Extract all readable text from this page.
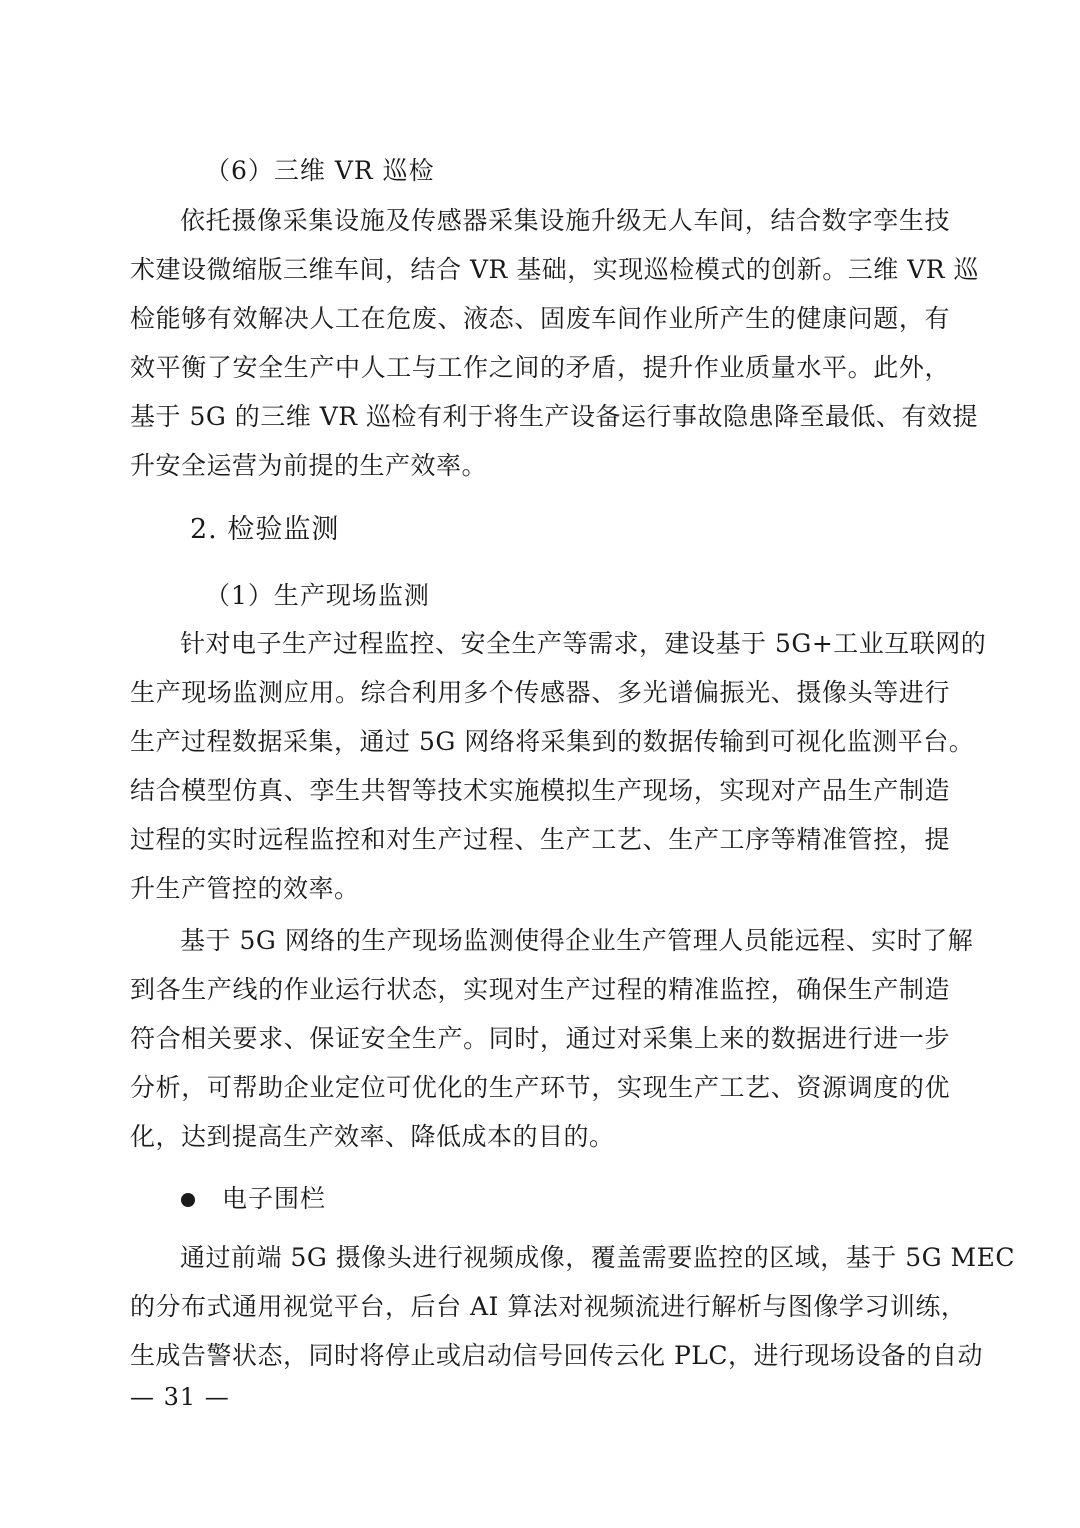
（6）三维 VR 巡检
依托摄像采集设施及传感器采集设施升级无人车间，结合数字孪生技
术建设微缩版三维车间，结合 VR 基础，实现巡检模式的创新。三维 VR 巡
检能够有效解决人工在危废、液态、固废车间作业所产生的健康问题，有
效平衡了安全生产中人工与工作之间的矛盾，提升作业质量水平。此外，
基于 5G 的三维 VR 巡检有利于将生产设备运行事故隐患降至最低、有效提
升安全运营为前提的生产效率。
2. 检验监测
（1）生产现场监测
针对电子生产过程监控、安全生产等需求，建设基于 5G+工业互联网的
生产现场监测应用。综合利用多个传感器、多光谱偏振光、摄像头等进行
生产过程数据采集，通过 5G 网络将采集到的数据传输到可视化监测平台。
结合模型仿真、孪生共智等技术实施模拟生产现场，实现对产品生产制造
过程的实时远程监控和对生产过程、生产工艺、生产工序等精准管控，提
升生产管控的效率。
基于 5G 网络的生产现场监测使得企业生产管理人员能远程、实时了解
到各生产线的作业运行状态，实现对生产过程的精准监控，确保生产制造
符合相关要求、保证安全生产。同时，通过对采集上来的数据进行进一步
分析，可帮助企业定位可优化的生产环节，实现生产工艺、资源调度的优
化，达到提高生产效率、降低成本的目的。
电子围栏
通过前端 5G 摄像头进行视频成像，覆盖需要监控的区域，基于 5G MEC
的分布式通用视觉平台，后台 AI 算法对视频流进行解析与图像学习训练，
生成告警状态，同时将停止或启动信号回传云化 PLC，进行现场设备的自动
— 31 —
